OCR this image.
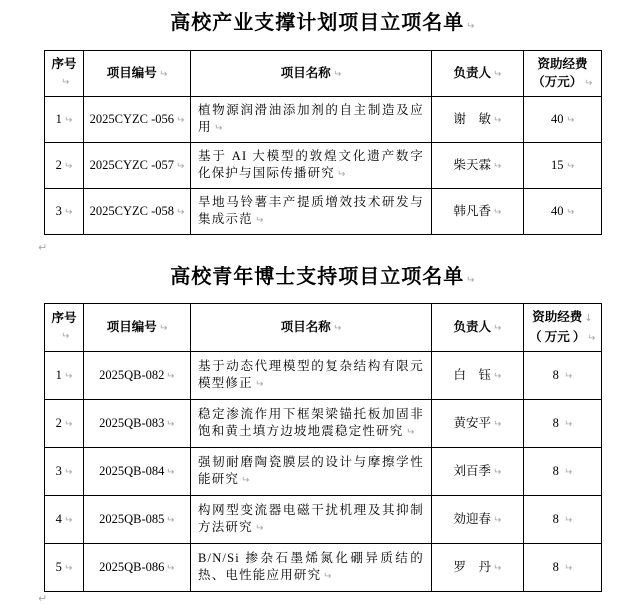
高校产业支撑计划项目立项名单 ↵
序号↵	项目编号 ↵	项目名称 ↵	负责人 ↵	资助经费
（万元） ↵
1 ↵	2025CYZC -056 ↵	植物源润滑油添加剂的自主制造及应用 ↵	谢　敏 ↵	40 ↵
2 ↵	2025CYZC -057 ↵	基于 AI 大模型的敦煌文化遗产数字化保护与国际传播研究 ↵	柴天霖 ↵	15 ↵
3 ↵	2025CYZC -058 ↵	旱地马铃薯丰产提质增效技术研发与集成示范 ↵	韩凡香 ↵	40 ↵
↵
高校青年博士支持项目立项名单 ↵
序号↵	项目编号 ↵	项目名称 ↵	负责人 ↵	资助经费 ↓
（ 万元 ） ↵
1 ↵	2025QB-082 ↵	基于动态代理模型的复杂结构有限元模型修正 ↵	白　钰 ↵	8 ↵
2 ↵	2025QB-083 ↵	稳定渗流作用下框架梁锚托板加固非饱和黄土填方边坡地震稳定性研究 ↵	黄安平 ↵	8 ↵
3 ↵	2025QB-084 ↵	强韧耐磨陶瓷膜层的设计与摩擦学性能研究 ↵	刘百季 ↵	8 ↵
4 ↵	2025QB-085 ↵	构网型变流器电磁干扰机理及其抑制方法研究 ↵	効迎春 ↵	8 ↵
5 ↵	2025QB-086 ↵	B/N/Si 掺杂石墨烯氮化硼异质结的热、电性能应用研究 ↵	罗　丹 ↵	8 ↵
↵
